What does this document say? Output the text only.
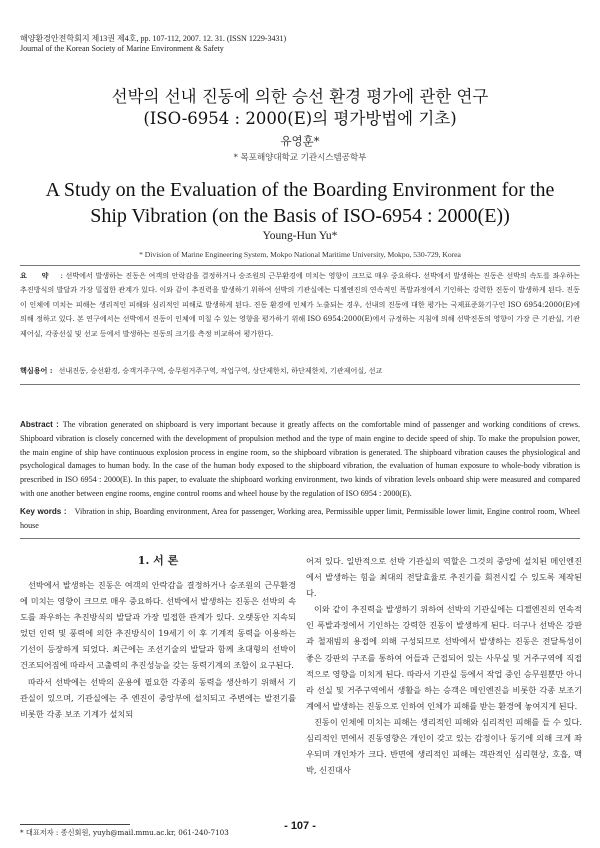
해양환경안전학회지 제13권 제4호, pp. 107-112, 2007. 12. 31. (ISSN 1229-3431)
Journal of the Korean Society of Marine Environment & Safety
선박의 선내 진동에 의한 승선 환경 평가에 관한 연구
(ISO-6954 : 2000(E)의 평가방법에 기초)
유영훈*
* 목포해양대학교 기관시스템공학부
A Study on the Evaluation of the Boarding Environment for the
Ship Vibration (on the Basis of ISO-6954 : 2000(E))
Young-Hun Yu*
* Division of Marine Engineering System, Mokpo National Maritime University, Mokpo, 530-729, Korea
요 약 : 선박에서 발생하는 진동은 여객의 안락감을 결정하거나 승조원의 근무환경에 미치는 영향이 크므로 매우 중요하다. 선박에서 발생하는 진동은 선박의 속도를 좌우하는 추진방식의 발달과 가장 밀접한 관계가 있다. 이와 같이 추진력을 발생하기 위하여 선박의 기관실에는 디젤엔진의 연속적인 폭발과정에서 기인하는 강력한 진동이 발생하게 된다. 진동이 인체에 미치는 피해는 생리적인 피해와 심리적인 피해로 발생하게 된다. 진동 환경에 인체가 노출되는 경우, 선내의 진동에 대한 평가는 국제표준화기구인 ISO 6954:2000(E)에 의해 정하고 있다. 본 연구에서는 선박에서 진동이 인체에 미칠 수 있는 영향을 평가하기 위해 ISO 6954:2000(E)에서 규정하는 지침에 의해 선박진동의 영향이 가장 큰 기관실, 기관제어실, 각종선실 및 선교 등에서 발생하는 진동의 크기를 측정 비교하여 평가한다.
핵심용어 : 선내진동, 승선환경, 승객거주구역, 승무원거주구역, 작업구역, 상단제한치, 하단제한치, 기관제어실, 선교
Abstract : The vibration generated on shipboard is very important because it greatly affects on the comfortable mind of passenger and working conditions of crews. Shipboard vibration is closely concerned with the development of propulsion method and the type of main engine to decide speed of ship. To make the propulsion power, the main engine of ship have continuous explosion process in engine room, so the shipboard vibration is generated. The shipboard vibration causes the physiological and psychological damages to human body. In the case of the human body exposed to the shipboard vibration, the evaluation of human exposure to whole-body vibration is prescribed in ISO 6954 : 2000(E). In this paper, to evaluate the shipboard working environment, two kinds of vibration levels onboard ship were measured and compared with one another between engine rooms, engine control rooms and wheel house by the regulation of ISO 6954 : 2000(E).
Key words : Vibration in ship, Boarding environment, Area for passenger, Working area, Permissible upper limit, Permissible lower limit, Engine control room, Wheel house
1. 서 론

선박에서 발생하는 진동은 여객의 안락감을 결정하거나 승조원의 근무환경에 미치는 영향이 크므로 매우 중요하다. 선박에서 발생하는 진동은 선박의 속도를 좌우하는 추진방식의 발달과 가장 밀접한 관계가 있다. 오랫동안 지속되었던 인력 및 풍력에 의한 추진방식이 19세기 이 후 기계적 동력을 이용하는 기선이 등장하게 되었다. 최근에는 조선기술의 발달과 함께 초대형의 선박이 건조되어짐에 따라서 고출력의 추진성능을 갖는 동력기계의 조합이 요구된다.

따라서 선박에는 선박의 운용에 필요한 각종의 동력을 생산하기 위해서 기관실이 있으며, 기관실에는 주 엔진이 중앙부에 설치되고 주변에는 발전기를 비롯한 각종 보조 기계가 설치되

어져 있다. 일반적으로 선박 기관실의 역할은 그것의 중앙에 설치된 메인엔진에서 발생하는 힘을 최대의 전달효율로 추진기를 회전시킬 수 있도록 제작된다.

이와 같이 추진력을 발생하기 위하여 선박의 기관실에는 디젤엔진의 연속적인 폭발과정에서 기인하는 강력한 진동이 발생하게 된다. 더구나 선박은 강판과 철재빔의 용접에 의해 구성되므로 선박에서 발생하는 진동은 전달특성이 좋은 강판의 구조를 통하여 어들과 근접되어 있는 사무실 및 거주구역에 직접적으로 영향을 미치게 된다. 따라서 기관실 등에서 작업 중인 승무원뿐만 아니라 선실 및 거주구역에서 생활을 하는 승객은 메인엔진을 비롯한 각종 보조기계에서 발생하는 진동으로 인하여 인체가 피해를 받는 환경에 놓여지게 된다.

진동이 인체에 미치는 피해는 생리적인 피해와 심리적인 피해를 들 수 있다. 심리적인 면에서 진동영향은 개인이 갖고 있는 감정이나 동기에 의해 크게 좌우되며 개인차가 크다. 반면에 생리적인 피해는 객관적인 심리현상, 호흡, 맥박, 신진대사

* 대표저자 : 종신회원, yuyh@mail.mmu.ac.kr, 061-240-7103
- 107 -
